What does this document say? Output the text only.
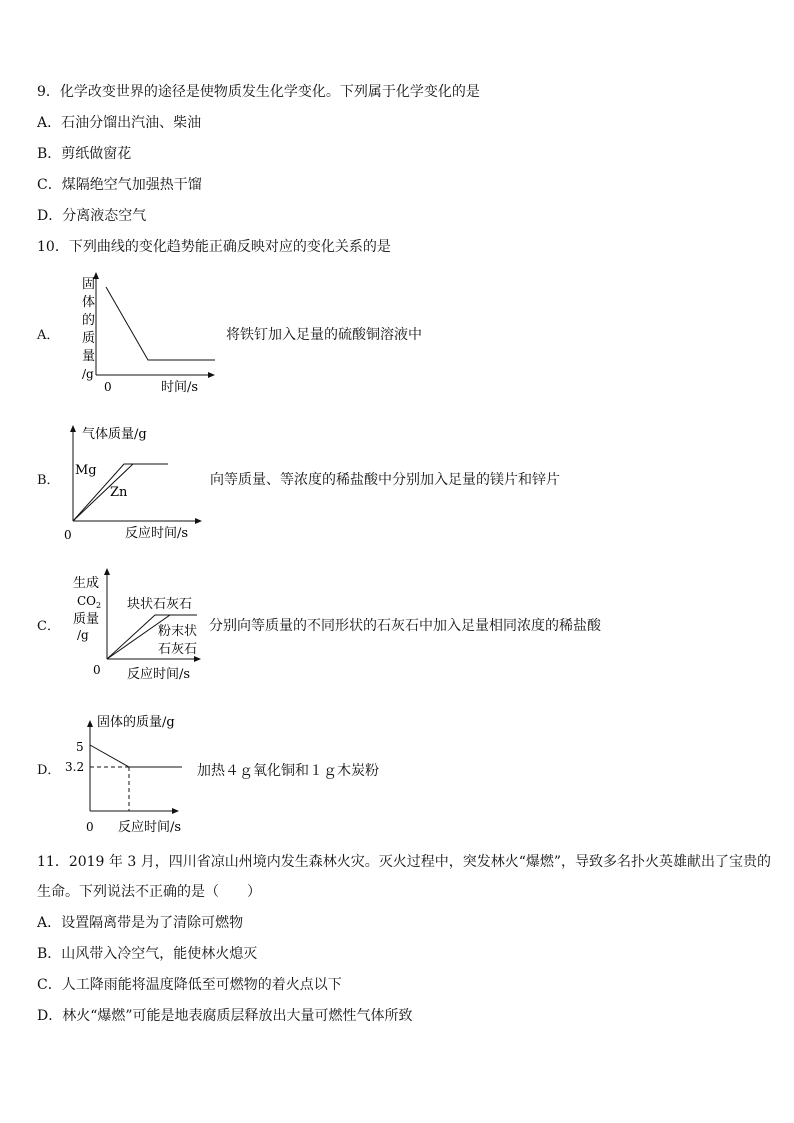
9．化学改变世界的途径是使物质发生化学变化。下列属于化学变化的是
A．石油分馏出汽油、柴油
B．剪纸做窗花
C．煤隔绝空气加强热干馏
D．分离液态空气
10．下列曲线的变化趋势能正确反映对应的变化关系的是
A．
固
体
的
质
量
/g
0	时间/s
将铁钉加入足量的硫酸铜溶液中
B．
气体质量/g
Mg
Zn
0	反应时间/s
向等质量、等浓度的稀盐酸中分别加入足量的镁片和锌片
C．
生成
$CO_2$
质量
/g
块状石灰石
粉末状
石灰石
0 反应时间/s
分别向等质量的不同形状的石灰石中加入足量相同浓度的稀盐酸
D．
固体的质量/g
5
3.2
0 反应时间/s
加热４ｇ氧化铜和１ｇ木炭粉
11．2019 年 3 月，四川省凉山州境内发生森林火灾。灭火过程中，突发林火“爆燃”，导致多名扑火英雄献出了宝贵的
生命。下列说法不正确的是（　　）
A．设置隔离带是为了清除可燃物
B．山风带入冷空气，能使林火熄灭
C．人工降雨能将温度降低至可燃物的着火点以下
D．林火“爆燃”可能是地表腐质层释放出大量可燃性气体所致
